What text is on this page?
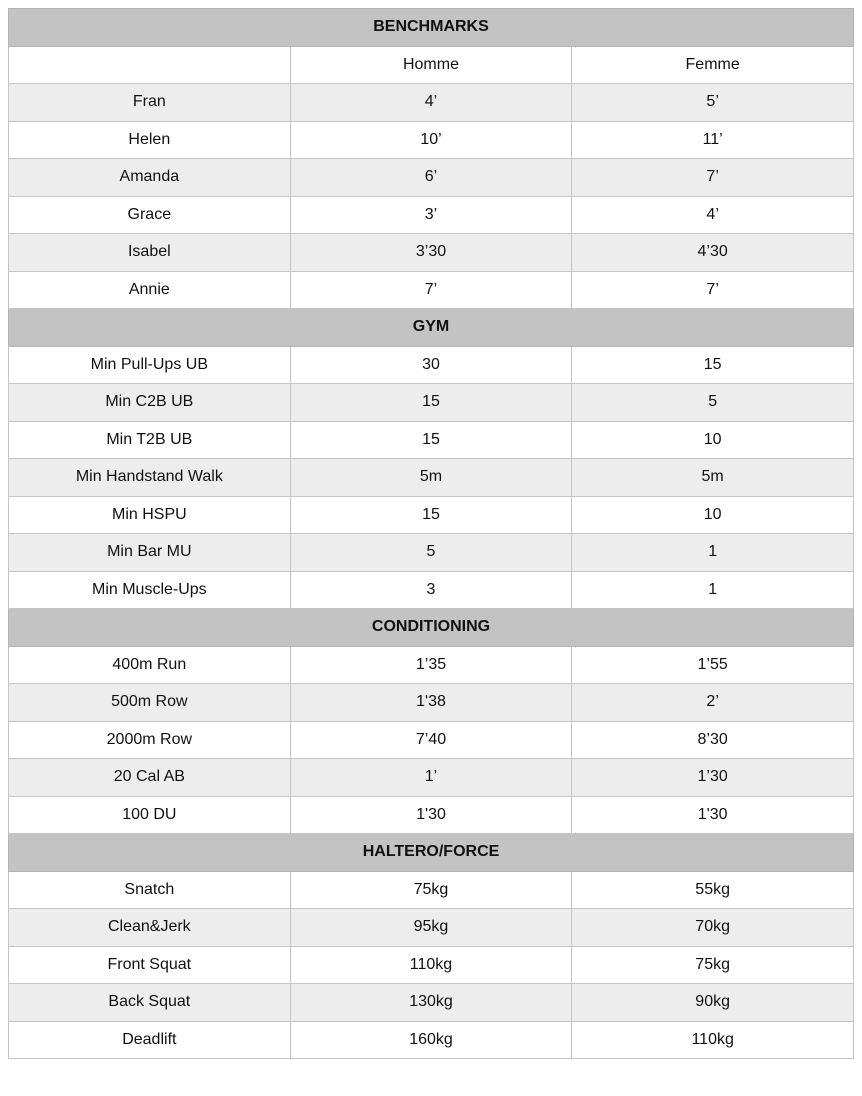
BENCHMARKS		
	Homme	Femme
Fran	4’	5’
Helen	10’	11’
Amanda	6’	7’
Grace	3’	4’
Isabel	3’30	4’30
Annie	7’	7’
GYM		
Min Pull-Ups UB	30	15
Min C2B UB	15	5
Min T2B UB	15	10
Min Handstand Walk	5m	5m
Min HSPU	15	10
Min Bar MU	5	1
Min Muscle-Ups	3	1
CONDITIONING		
400m Run	1’35	1’55
500m Row	1'38	2’
2000m Row	7’40	8’30
20 Cal AB	1’	1’30
100 DU	1'30	1'30
HALTERO/FORCE		
Snatch	75kg	55kg
Clean&Jerk	95kg	70kg
Front Squat	110kg	75kg
Back Squat	130kg	90kg
Deadlift	160kg	110kg
